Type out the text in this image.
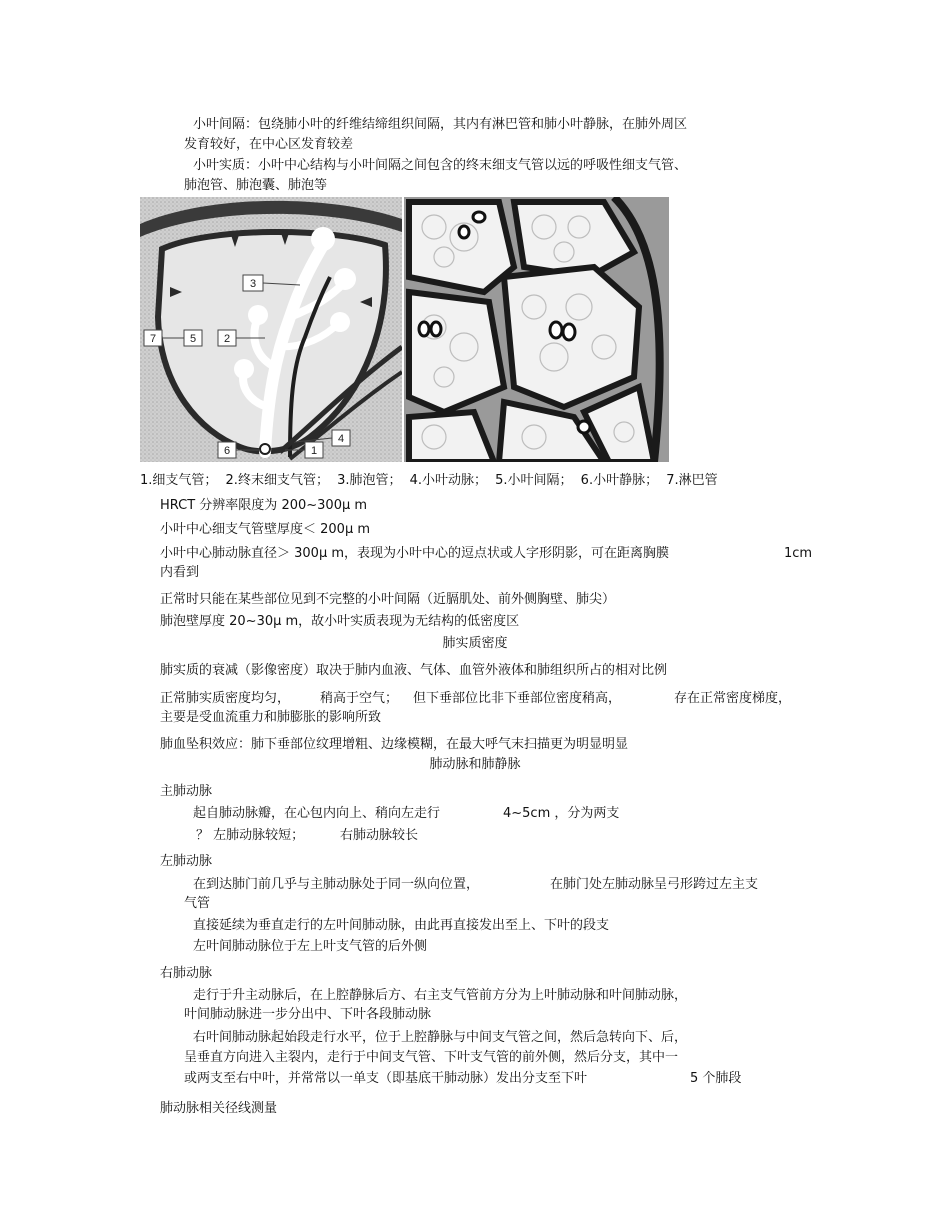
小叶间隔：包绕肺小叶的纤维结缔组织间隔，其内有淋巴管和肺小叶静脉，在肺外周区
发育较好，在中心区发育较差
小叶实质：小叶中心结构与小叶间隔之间包含的终末细支气管以远的呼吸性细支气管、
肺泡管、肺泡囊、肺泡等
3
7	5	2
6	1
4
1.细支气管； 2.终末细支气管； 3.肺泡管； 4.小叶动脉； 5.小叶间隔； 6.小叶静脉； 7.淋巴管
HRCT 分辨率限度为 200~300μ m
小叶中心细支气管壁厚度＜ 200μ m
小叶中心肺动脉直径＞ 300μ m，表现为小叶中心的逗点状或人字形阴影，可在距离胸膜	1cm
内看到
正常时只能在某些部位见到不完整的小叶间隔（近膈肌处、前外侧胸壁、肺尖）
肺泡壁厚度 20~30μ m，故小叶实质表现为无结构的低密度区
肺实质密度
肺实质的衰减（影像密度）取决于肺内血液、气体、血管外液体和肺组织所占的相对比例
正常肺实质密度均匀， 稍高于空气； 但下垂部位比非下垂部位密度稍高，	存在正常密度梯度，
主要是受血流重力和肺膨胀的影响所致
肺血坠积效应：肺下垂部位纹理增粗、边缘模糊，在最大呼气末扫描更为明显明显
肺动脉和肺静脉
主肺动脉
起自肺动脉瓣，在心包内向上、稍向左走行	4~5cm ，分为两支
？ 左肺动脉较短；	右肺动脉较长
左肺动脉
在到达肺门前几乎与主肺动脉处于同一纵向位置，	在肺门处左肺动脉呈弓形跨过左主支
气管
直接延续为垂直走行的左叶间肺动脉，由此再直接发出至上、下叶的段支
左叶间肺动脉位于左上叶支气管的后外侧
右肺动脉
走行于升主动脉后，在上腔静脉后方、右主支气管前方分为上叶肺动脉和叶间肺动脉，
叶间肺动脉进一步分出中、下叶各段肺动脉
右叶间肺动脉起始段走行水平，位于上腔静脉与中间支气管之间，然后急转向下、后，
呈垂直方向进入主裂内，走行于中间支气管、下叶支气管的前外侧，然后分支，其中一
或两支至右中叶，并常常以一单支（即基底干肺动脉）发出分支至下叶	5 个肺段
肺动脉相关径线测量
